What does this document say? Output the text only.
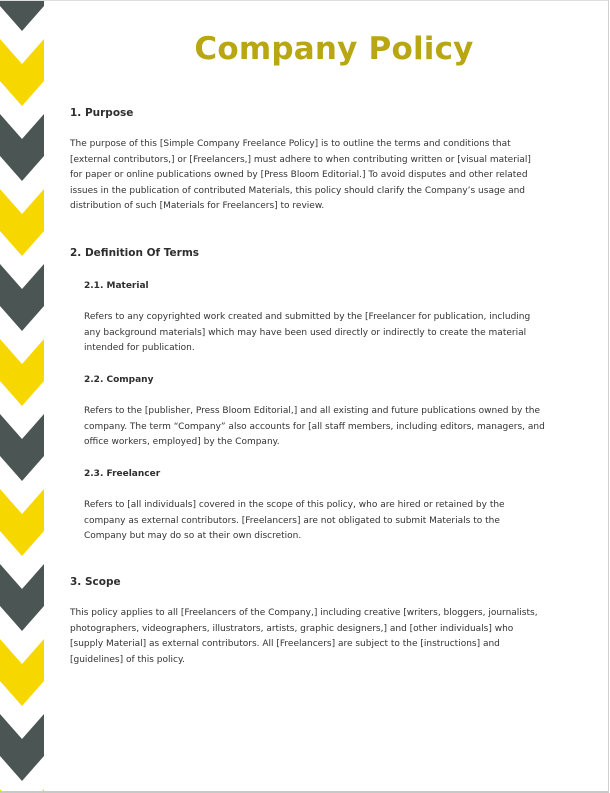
Company Policy
1. Purpose
The purpose of this [Simple Company Freelance Policy] is to outline the terms and conditions that
[external contributors,] or [Freelancers,] must adhere to when contributing written or [visual material]
for paper or online publications owned by [Press Bloom Editorial.] To avoid disputes and other related
issues in the publication of contributed Materials, this policy should clarify the Company’s usage and
distribution of such [Materials for Freelancers] to review.
2. Definition Of Terms
2.1. Material
Refers to any copyrighted work created and submitted by the [Freelancer for publication, including
any background materials] which may have been used directly or indirectly to create the material
intended for publication.
2.2. Company
Refers to the [publisher, Press Bloom Editorial,] and all existing and future publications owned by the
company. The term “Company” also accounts for [all staff members, including editors, managers, and
office workers, employed] by the Company.
2.3. Freelancer
Refers to [all individuals] covered in the scope of this policy, who are hired or retained by the
company as external contributors. [Freelancers] are not obligated to submit Materials to the
Company but may do so at their own discretion.
3. Scope
This policy applies to all [Freelancers of the Company,] including creative [writers, bloggers, journalists,
photographers, videographers, illustrators, artists, graphic designers,] and [other individuals] who
[supply Material] as external contributors. All [Freelancers] are subject to the [instructions] and
[guidelines] of this policy.
